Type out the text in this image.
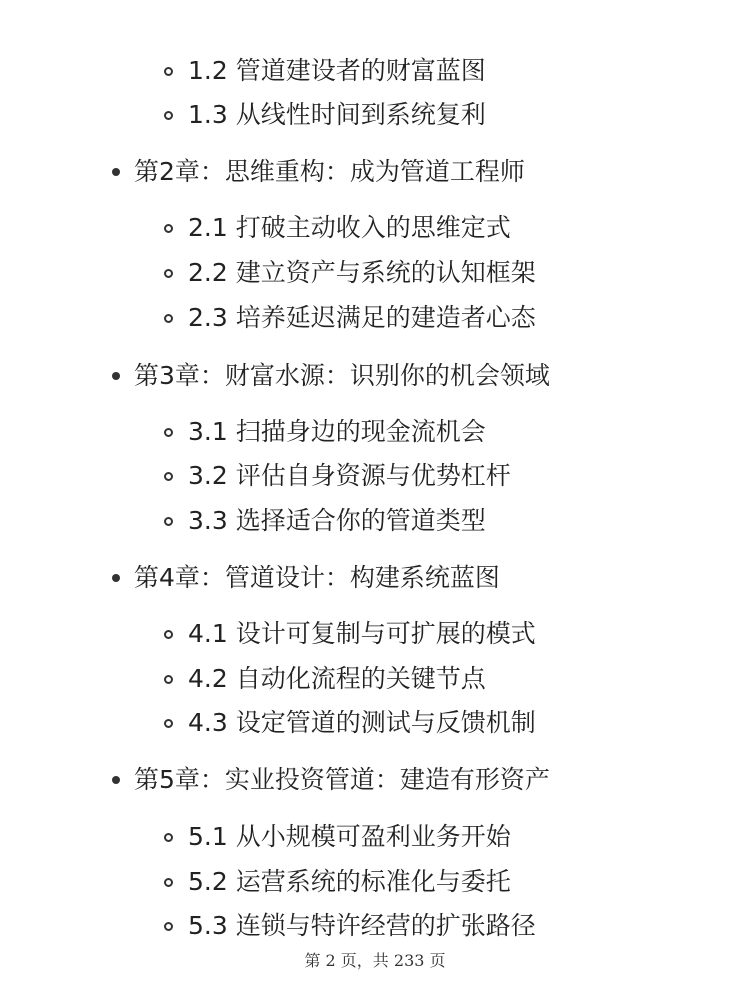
1.2 管道建设者的财富蓝图
1.3 从线性时间到系统复利
第2章：思维重构：成为管道工程师
2.1 打破主动收入的思维定式
2.2 建立资产与系统的认知框架
2.3 培养延迟满足的建造者心态
第3章：财富水源：识别你的机会领域
3.1 扫描身边的现金流机会
3.2 评估自身资源与优势杠杆
3.3 选择适合你的管道类型
第4章：管道设计：构建系统蓝图
4.1 设计可复制与可扩展的模式
4.2 自动化流程的关键节点
4.3 设定管道的测试与反馈机制
第5章：实业投资管道：建造有形资产
5.1 从小规模可盈利业务开始
5.2 运营系统的标准化与委托
5.3 连锁与特许经营的扩张路径
第 2 页，共 233 页
